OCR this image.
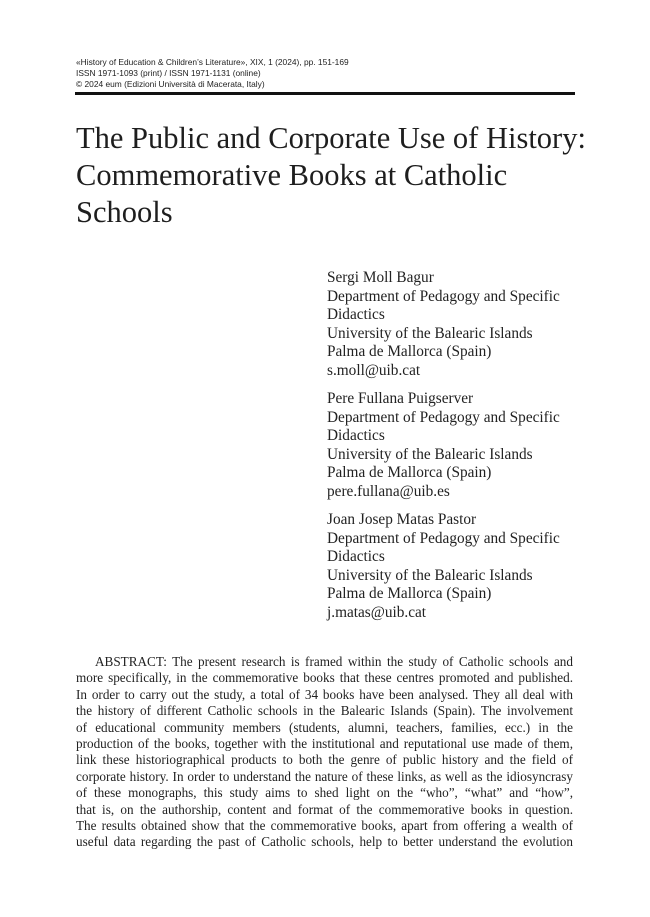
«History of Education & Children’s Literature», XIX, 1 (2024), pp. 151-169
ISSN 1971-1093 (print) / ISSN 1971-1131 (online)
© 2024 eum (Edizioni Università di Macerata, Italy)
The Public and Corporate Use of History:
Commemorative Books at Catholic
Schools
Sergi Moll Bagur
Department of Pedagogy and Specific
Didactics
University of the Balearic Islands
Palma de Mallorca (Spain)
s.moll@uib.cat
Pere Fullana Puigserver
Department of Pedagogy and Specific
Didactics
University of the Balearic Islands
Palma de Mallorca (Spain)
pere.fullana@uib.es
Joan Josep Matas Pastor
Department of Pedagogy and Specific
Didactics
University of the Balearic Islands
Palma de Mallorca (Spain)
j.matas@uib.cat
ABSTRACT: The present research is framed within the study of Catholic schools and
more specifically, in the commemorative books that these centres promoted and published.
In order to carry out the study, a total of 34 books have been analysed. They all deal with
the history of different Catholic schools in the Balearic Islands (Spain). The involvement
of educational community members (students, alumni, teachers, families, ecc.) in the
production of the books, together with the institutional and reputational use made of them,
link these historiographical products to both the genre of public history and the field of
corporate history. In order to understand the nature of these links, as well as the idiosyncrasy
of these monographs, this study aims to shed light on the “who”, “what” and “how”,
that is, on the authorship, content and format of the commemorative books in question.
The results obtained show that the commemorative books, apart from offering a wealth of
useful data regarding the past of Catholic schools, help to better understand the evolution
